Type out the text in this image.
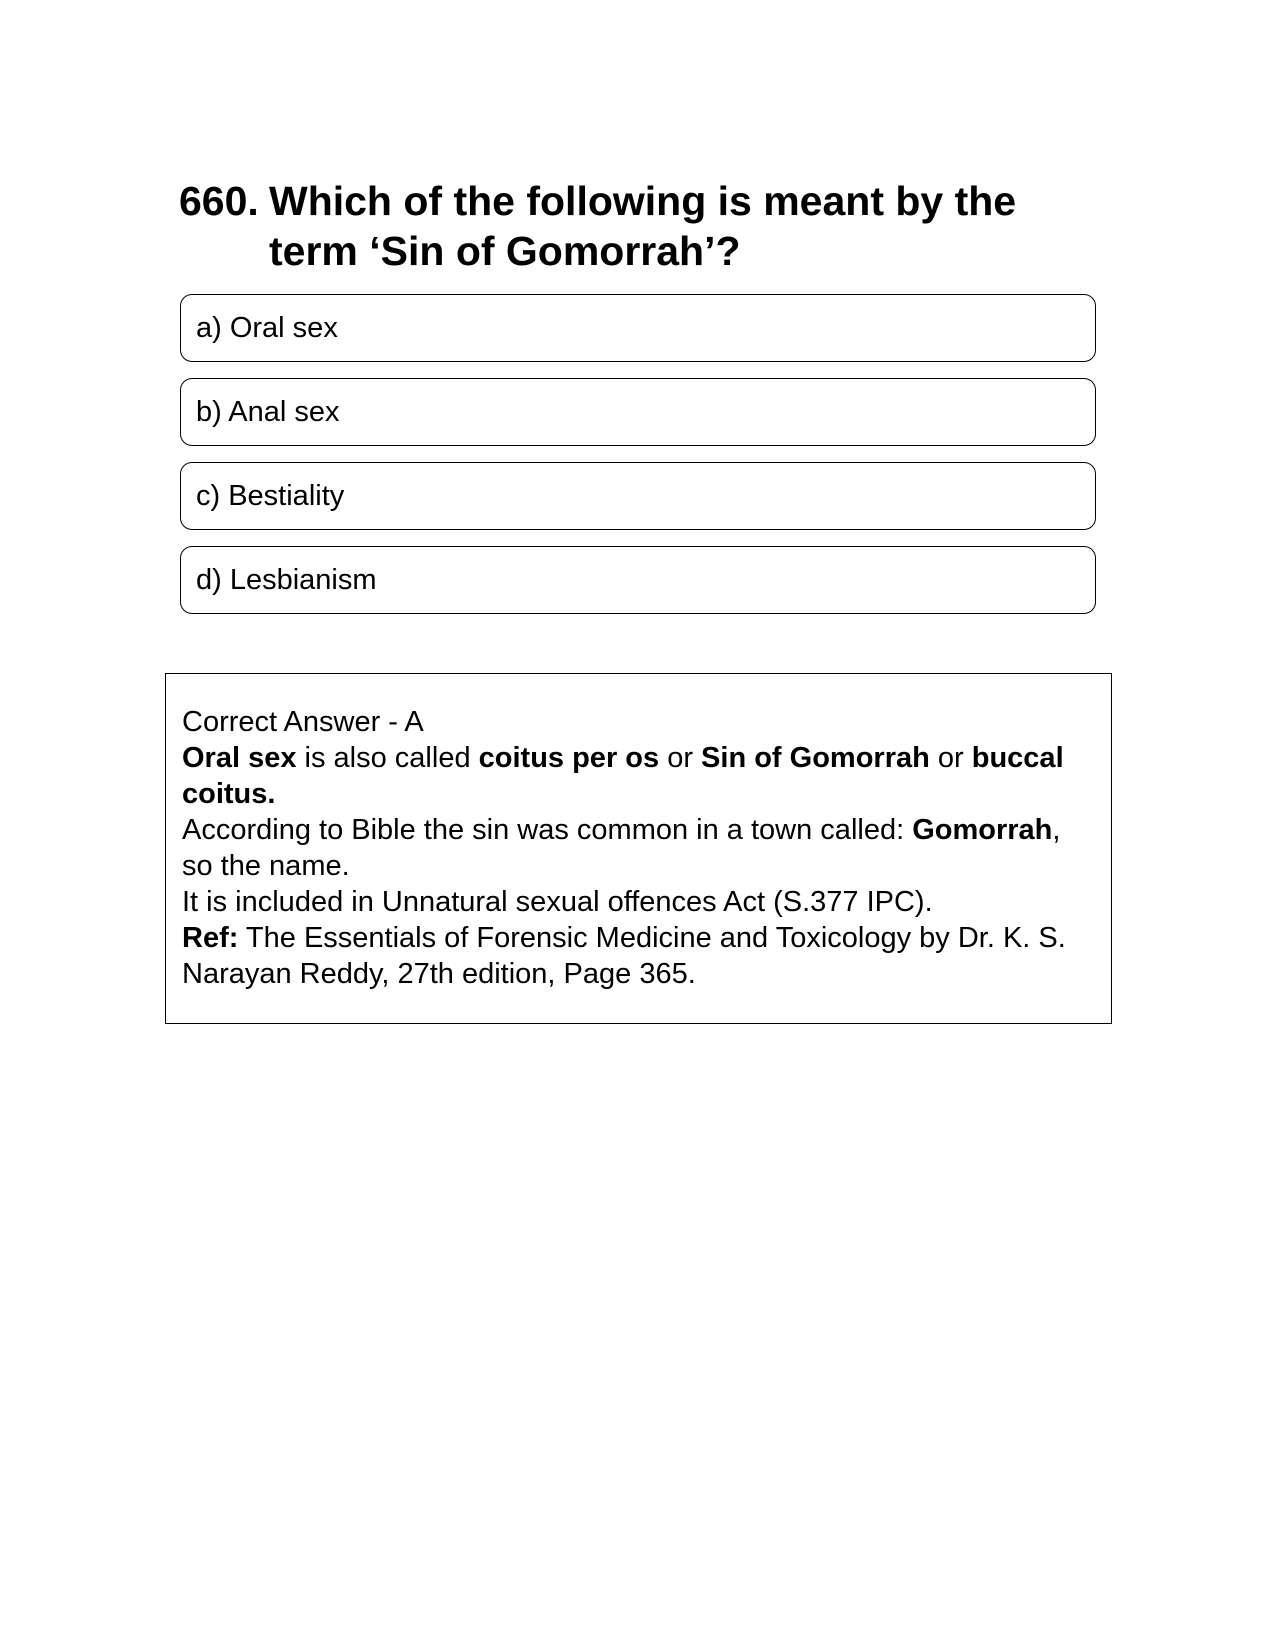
660. Which of the following is meant by the term ‘Sin of Gomorrah’?
a) Oral sex
b) Anal sex
c) Bestiality
d) Lesbianism

Correct Answer - A

Oral sex is also called coitus per os or Sin of Gomorrah or buccal coitus.

According to Bible the sin was common in a town called: Gomorrah, so the name.

It is included in Unnatural sexual offences Act (S.377 IPC).

Ref: The Essentials of Forensic Medicine and Toxicology by Dr. K. S. Narayan Reddy, 27th edition, Page 365.
